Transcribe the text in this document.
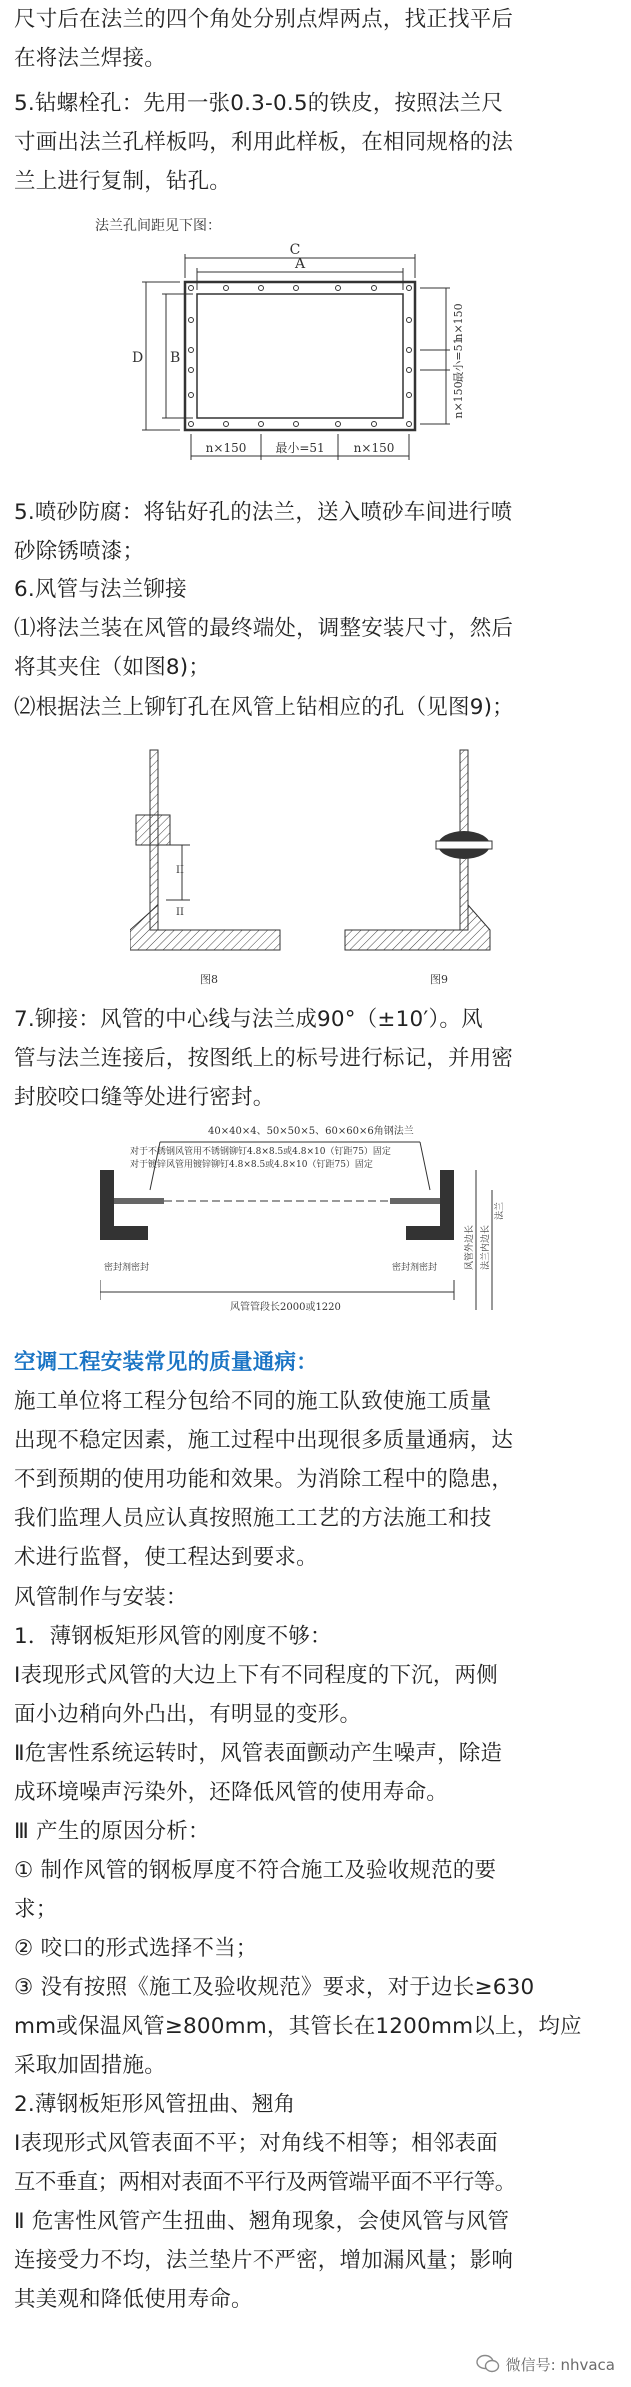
尺寸后在法兰的四个角处分别点焊两点，找正找平后
在将法兰焊接。
5.钻螺栓孔：先用一张0.3-0.5的铁皮，按照法兰尺
寸画出法兰孔样板吗，利用此样板，在相同规格的法
兰上进行复制，钻孔。
法兰孔间距见下图：
C
A
D B
n×150 最小=51 n×150
n×150
最小=51
n×150
5.喷砂防腐：将钻好孔的法兰，送入喷砂车间进行喷
砂除锈喷漆；
6.风管与法兰铆接
⑴将法兰装在风管的最终端处，调整安装尺寸，然后
将其夹住（如图8)；
⑵根据法兰上铆钉孔在风管上钻相应的孔（见图9)；
II
II
图8	图9
7.铆接：风管的中心线与法兰成90°（±10′）。风
管与法兰连接后，按图纸上的标号进行标记，并用密
封胶咬口缝等处进行密封。
40×40×4、50×50×5、60×60×6角钢法兰
对于不锈钢风管用不锈钢铆钉4.8×8.5或4.8×10（钉距75）固定
对于镀锌风管用镀锌铆钉4.8×8.5或4.8×10（钉距75）固定
密封剂密封	密封剂密封
风管管段长2000或1220
风管外边长 法兰内边长
法兰
空调工程安装常见的质量通病：
施工单位将工程分包给不同的施工队致使施工质量
出现不稳定因素，施工过程中出现很多质量通病，达
不到预期的使用功能和效果。为消除工程中的隐患，
我们监理人员应认真按照施工工艺的方法施工和技
术进行监督，使工程达到要求。
风管制作与安装：
1．薄钢板矩形风管的刚度不够：
Ⅰ表现形式风管的大边上下有不同程度的下沉，两侧
面小边稍向外凸出，有明显的变形。
Ⅱ危害性系统运转时，风管表面颤动产生噪声，除造
成环境噪声污染外，还降低风管的使用寿命。
Ⅲ 产生的原因分析：
① 制作风管的钢板厚度不符合施工及验收规范的要
求；
② 咬口的形式选择不当；
③ 没有按照《施工及验收规范》要求，对于边长≥630
mm或保温风管≥800mm，其管长在1200mm以上，均应
采取加固措施。
2.薄钢板矩形风管扭曲、翘角
Ⅰ表现形式风管表面不平；对角线不相等；相邻表面
互不垂直；两相对表面不平行及两管端平面不平行等。
Ⅱ 危害性风管产生扭曲、翘角现象，会使风管与风管
连接受力不均，法兰垫片不严密，增加漏风量；影响
其美观和降低使用寿命。
微信号: nhvaca
